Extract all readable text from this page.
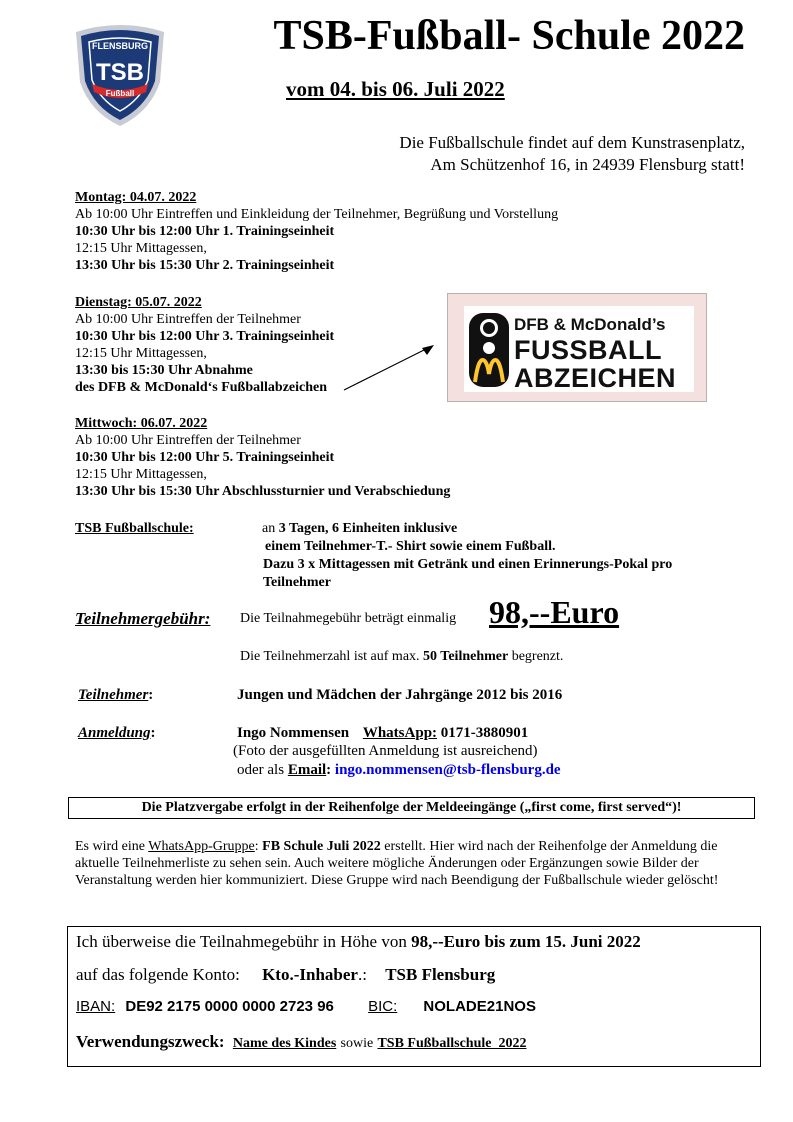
FLENSBURG
TSB
Fußball
TSB-Fußball- Schule 2022
vom 04. bis 06. Juli 2022
Die Fußballschule findet auf dem Kunstrasenplatz,
Am Schützenhof 16, in 24939 Flensburg statt!
Montag: 04.07. 2022
Ab 10:00 Uhr Eintreffen und Einkleidung der Teilnehmer, Begrüßung und Vorstellung
10:30 Uhr bis 12:00 Uhr 1. Trainingseinheit
12:15 Uhr Mittagessen,
13:30 Uhr bis 15:30 Uhr 2. Trainingseinheit
Dienstag: 05.07. 2022
Ab 10:00 Uhr Eintreffen der Teilnehmer
10:30 Uhr bis 12:00 Uhr 3. Trainingseinheit
12:15 Uhr Mittagessen,
13:30 bis 15:30 Uhr Abnahme
des DFB & McDonald‘s Fußballabzeichen
DFB & McDonald’s
FUSSBALL
ABZEICHEN
Mittwoch: 06.07. 2022
Ab 10:00 Uhr Eintreffen der Teilnehmer
10:30 Uhr bis 12:00 Uhr 5. Trainingseinheit
12:15 Uhr Mittagessen,
13:30 Uhr bis 15:30 Uhr Abschlussturnier und Verabschiedung
TSB Fußballschule:	an 3 Tagen, 6 Einheiten inklusive
einem Teilnehmer-T.- Shirt sowie einem Fußball.
Dazu 3 x Mittagessen mit Getränk und einen Erinnerungs-Pokal pro
Teilnehmer
Teilnehmergebühr: Die Teilnahmegebühr beträgt einmalig 98,--Euro
Die Teilnehmerzahl ist auf max. 50 Teilnehmer begrenzt.
Teilnehmer:	Jungen und Mädchen der Jahrgänge 2012 bis 2016
Anmeldung:	Ingo Nommensen WhatsApp: 0171-3880901
(Foto der ausgefüllten Anmeldung ist ausreichend)
oder als Email: ingo.nommensen@tsb-flensburg.de
Die Platzvergabe erfolgt in der Reihenfolge der Meldeeingänge („first come, first served“)!
Es wird eine WhatsApp-Gruppe: FB Schule Juli 2022 erstellt. Hier wird nach der Reihenfolge der Anmeldung die aktuelle Teilnehmerliste zu sehen sein. Auch weitere mögliche Änderungen oder Ergänzungen sowie Bilder der Veranstaltung werden hier kommuniziert. Diese Gruppe wird nach Beendigung der Fußballschule wieder gelöscht!
Ich überweise die Teilnahmegebühr in Höhe von 98,--Euro bis zum 15. Juni 2022
auf das folgende Konto: Kto.-Inhaber.: TSB Flensburg
IBAN: DE92 2175 0000 0000 2723 96 BIC: NOLADE21NOS
Verwendungszweck: Name des Kindes sowie TSB Fußballschule  2022
